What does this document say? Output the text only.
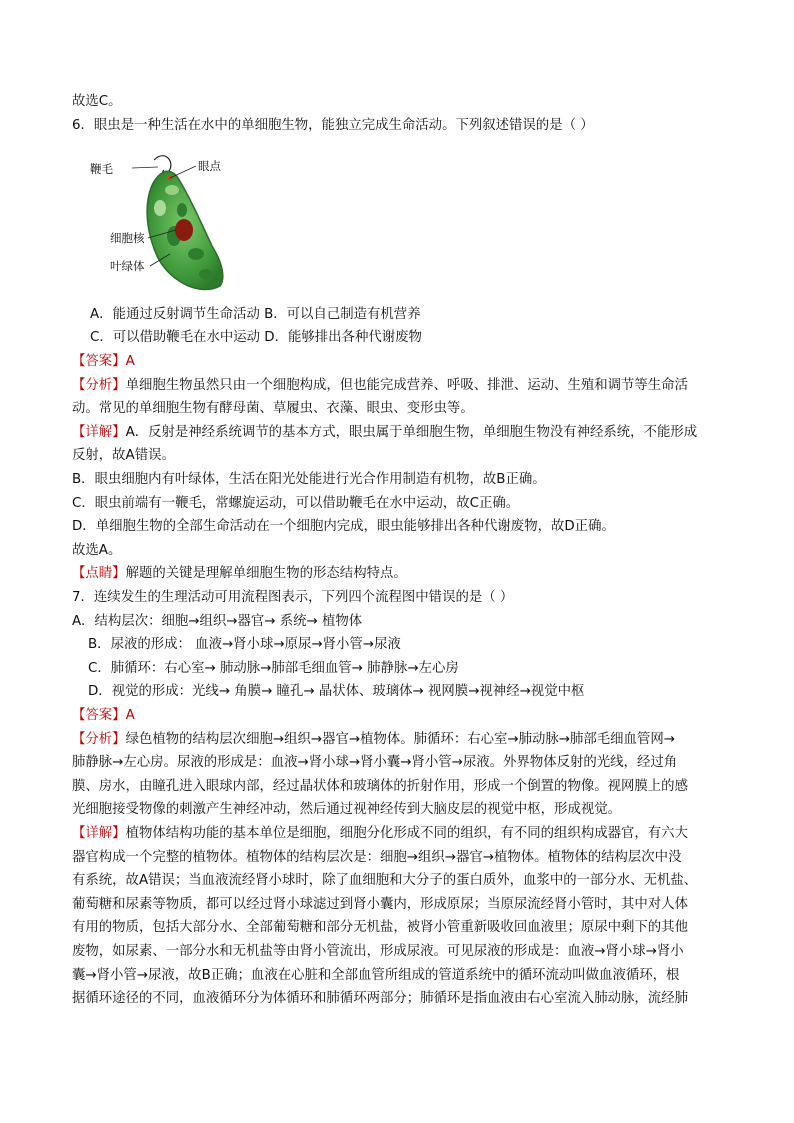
故选C。
6．眼虫是一种生活在水中的单细胞生物，能独立完成生命活动。下列叙述错误的是（ ）
鞭毛	眼点
细胞核
叶绿体
A．能通过反射调节生命活动 B．可以自己制造有机营养
C．可以借助鞭毛在水中运动 D．能够排出各种代谢废物
【答案】A
【分析】单细胞生物虽然只由一个细胞构成，但也能完成营养、呼吸、排泄、运动、生殖和调节等生命活
动。常见的单细胞生物有酵母菌、草履虫、衣藻、眼虫、变形虫等。
【详解】A．反射是神经系统调节的基本方式，眼虫属于单细胞生物，单细胞生物没有神经系统，不能形成
反射，故A错误。
B．眼虫细胞内有叶绿体，生活在阳光处能进行光合作用制造有机物，故B正确。
C．眼虫前端有一鞭毛，常螺旋运动，可以借助鞭毛在水中运动，故C正确。
D．单细胞生物的全部生命活动在一个细胞内完成，眼虫能够排出各种代谢废物，故D正确。
故选A。
【点睛】解题的关键是理解单细胞生物的形态结构特点。
7．连续发生的生理活动可用流程图表示，下列四个流程图中错误的是（ ）
A．结构层次：细胞→组织→器官→ 系统→ 植物体
B．尿液的形成： 血液→肾小球→原尿→肾小管→尿液
C．肺循环：右心室→ 肺动脉→肺部毛细血管→ 肺静脉→左心房
D．视觉的形成：光线→ 角膜→ 瞳孔→ 晶状体、玻璃体→ 视网膜→视神经→视觉中枢
【答案】A
【分析】绿色植物的结构层次细胞→组织→器官→植物体。肺循环：右心室→肺动脉→肺部毛细血管网→
肺静脉→左心房。尿液的形成是：血液→肾小球→肾小囊→肾小管→尿液。外界物体反射的光线，经过角
膜、房水，由瞳孔进入眼球内部，经过晶状体和玻璃体的折射作用，形成一个倒置的物像。视网膜上的感
光细胞接受物像的刺激产生神经冲动，然后通过视神经传到大脑皮层的视觉中枢，形成视觉。
【详解】植物体结构功能的基本单位是细胞，细胞分化形成不同的组织，有不同的组织构成器官，有六大
器官构成一个完整的植物体。植物体的结构层次是：细胞→组织→器官→植物体。植物体的结构层次中没
有系统，故A错误；当血液流经肾小球时，除了血细胞和大分子的蛋白质外，血浆中的一部分水、无机盐、
葡萄糖和尿素等物质，都可以经过肾小球滤过到肾小囊内，形成原尿；当原尿流经肾小管时，其中对人体
有用的物质，包括大部分水、全部葡萄糖和部分无机盐，被肾小管重新吸收回血液里；原尿中剩下的其他
废物，如尿素、一部分水和无机盐等由肾小管流出，形成尿液。可见尿液的形成是：血液→肾小球→肾小
囊→肾小管→尿液，故B正确；血液在心脏和全部血管所组成的管道系统中的循环流动叫做血液循环，根
据循环途径的不同，血液循环分为体循环和肺循环两部分；肺循环是指血液由右心室流入肺动脉，流经肺
